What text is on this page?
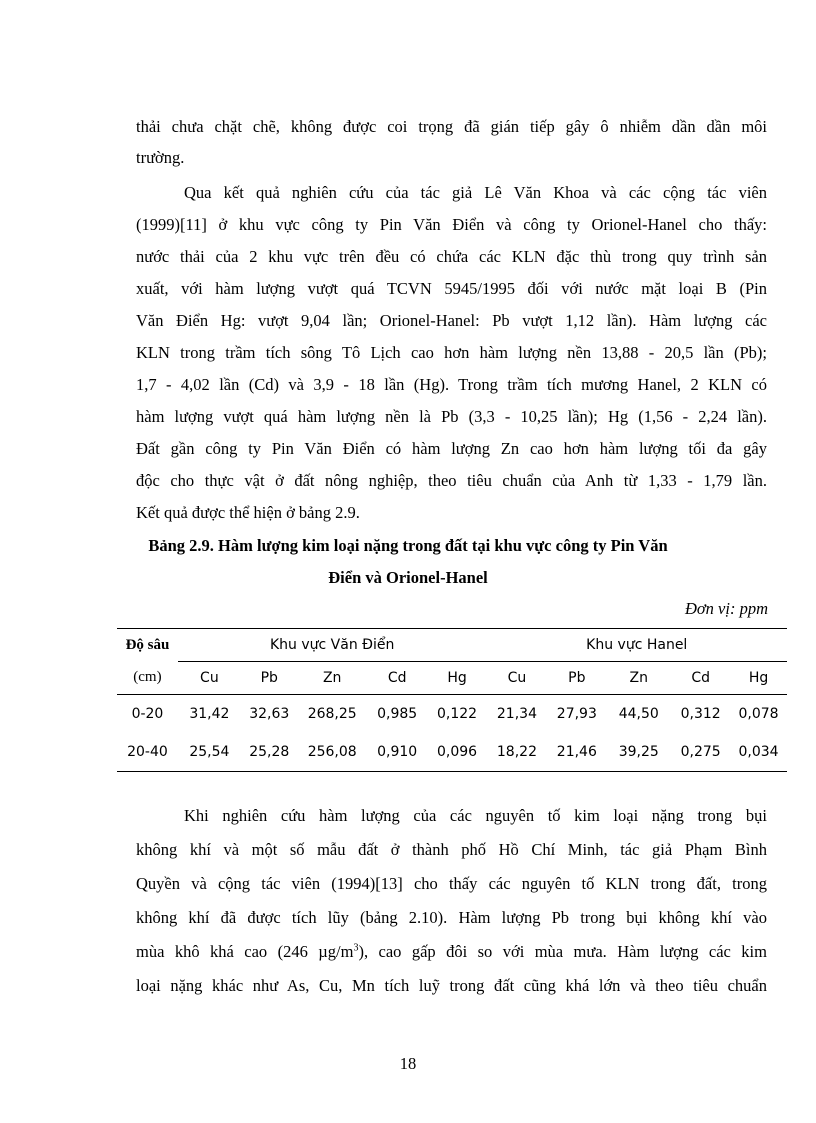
thải chưa chặt chẽ, không được coi trọng đã gián tiếp gây ô nhiễm dần dần môi
trường.
Qua kết quả nghiên cứu của tác giả Lê Văn Khoa và các cộng tác viên
(1999)[11] ở khu vực công ty Pin Văn Điển và công ty Orionel-Hanel cho thấy:
nước thải của 2 khu vực trên đều có chứa các KLN đặc thù trong quy trình sản
xuất, với hàm lượng vượt quá TCVN 5945/1995 đối với nước mặt loại B (Pin
Văn Điển Hg: vượt 9,04 lần; Orionel-Hanel: Pb vượt 1,12 lần). Hàm lượng các
KLN trong trầm tích sông Tô Lịch cao hơn hàm lượng nền 13,88 - 20,5 lần (Pb);
1,7 - 4,02 lần (Cd) và 3,9 - 18 lần (Hg). Trong trầm tích mương Hanel, 2 KLN có
hàm lượng vượt quá hàm lượng nền là Pb (3,3 - 10,25 lần); Hg (1,56 - 2,24 lần).
Đất gần công ty Pin Văn Điển có hàm lượng Zn cao hơn hàm lượng tối đa gây
độc cho thực vật ở đất nông nghiệp, theo tiêu chuẩn của Anh từ 1,33 - 1,79 lần.
Kết quả được thể hiện ở bảng 2.9.
Bảng 2.9. Hàm lượng kim loại nặng trong đất tại khu vực công ty Pin Văn
Điển và Orionel-Hanel
Đơn vị: ppm
Độ sâu	Khu vực Văn Điển					Khu vực Hanel				
(cm)	Cu	Pb	Zn	Cd	Hg	Cu	Pb	Zn	Cd	Hg
0-20	31,42	32,63	268,25	0,985	0,122	21,34	27,93	44,50	0,312	0,078
20-40	25,54	25,28	256,08	0,910	0,096	18,22	21,46	39,25	0,275	0,034
Khi nghiên cứu hàm lượng của các nguyên tố kim loại nặng trong bụi
không khí và một số mẫu đất ở thành phố Hồ Chí Minh, tác giả Phạm Bình
Quyền và cộng tác viên (1994)[13] cho thấy các nguyên tố KLN trong đất, trong
không khí đã được tích lũy (bảng 2.10). Hàm lượng Pb trong bụi không khí vào
mùa khô khá cao (246 $\mu g/m^3$), cao gấp đôi so với mùa mưa. Hàm lượng các kim
loại nặng khác như As, Cu, Mn tích luỹ trong đất cũng khá lớn và theo tiêu chuẩn
18
